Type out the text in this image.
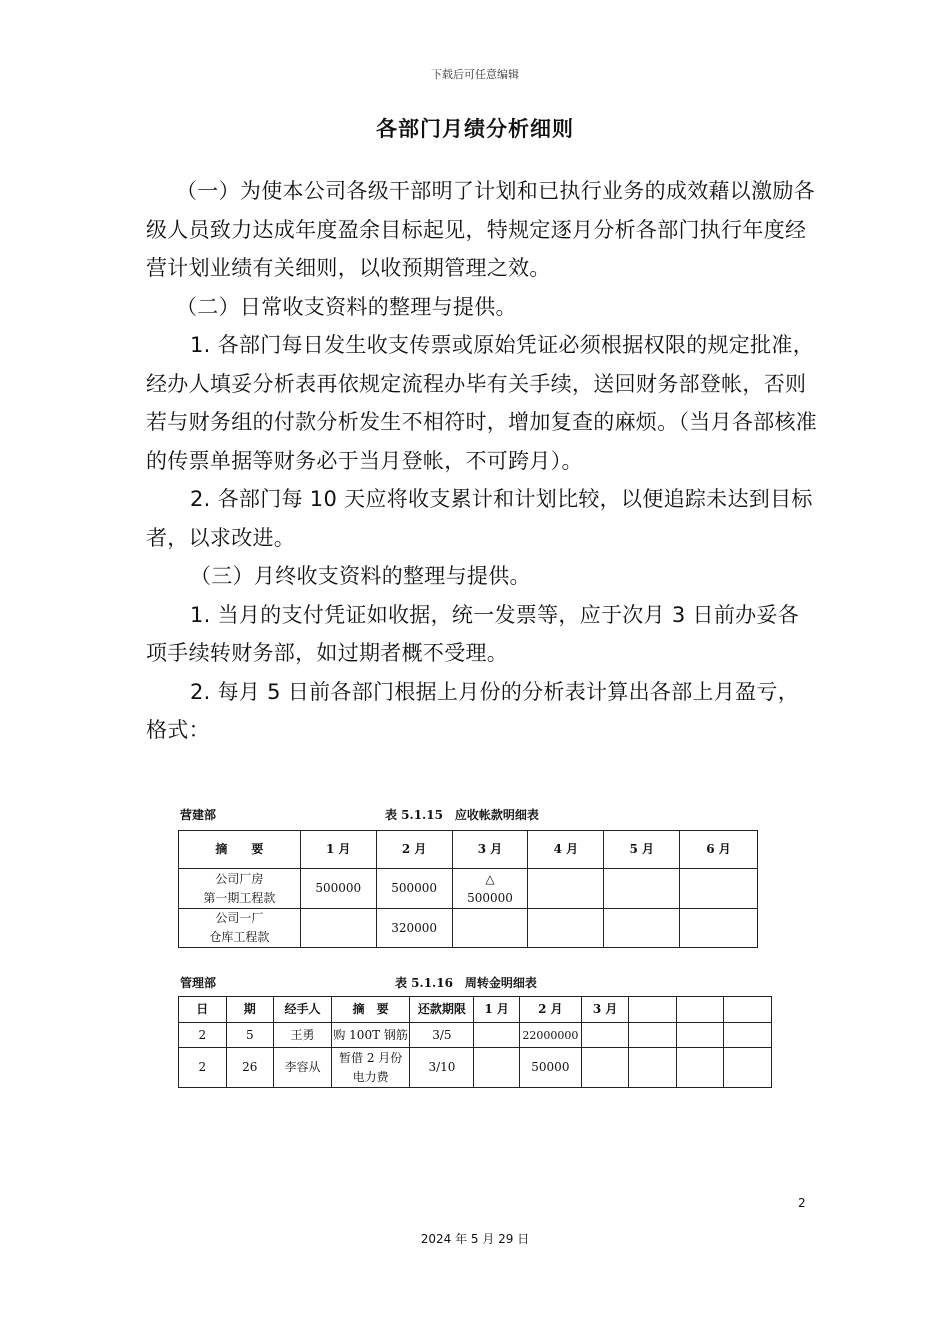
下载后可任意编辑
各部门月绩分析细则

（一）为使本公司各级干部明了计划和已执行业务的成效藉以激励各级人员致力达成年度盈余目标起见，特规定逐月分析各部门执行年度经营计划业绩有关细则，以收预期管理之效。

（二）日常收支资料的整理与提供。

1. 各部门每日发生收支传票或原始凭证必须根据权限的规定批准，经办人填妥分析表再依规定流程办毕有关手续，送回财务部登帐，否则若与财务组的付款分析发生不相符时，增加复查的麻烦。（当月各部核准的传票单据等财务必于当月登帐，不可跨月）。

2. 各部门每 10 天应将收支累计和计划比较，以便追踪未达到目标者，以求改进。

（三）月终收支资料的整理与提供。

1. 当月的支付凭证如收据，统一发票等，应于次月 3 日前办妥各项手续转财务部，如过期者概不受理。

2. 每月 5 日前各部门根据上月份的分析表计算出各部上月盈亏，格式：

营建部	表 5.1.15　应收帐款明细表
摘　　要	1 月	2 月	3 月	4 月	5 月	6 月
公司厂房
第一期工程款	500000	500000	△
500000			
公司一厂
仓库工程款		320000				
管理部	表 5.1.16　周转金明细表
日	期	经手人	摘　要	还款期限	1 月	2 月	3 月			
2	5	王勇	购 100T 钢筋	3/5		22000000				
2	26	李容从	暂借 2 月份
电力费	3/10		50000				
2
2024 年 5 月 29 日
